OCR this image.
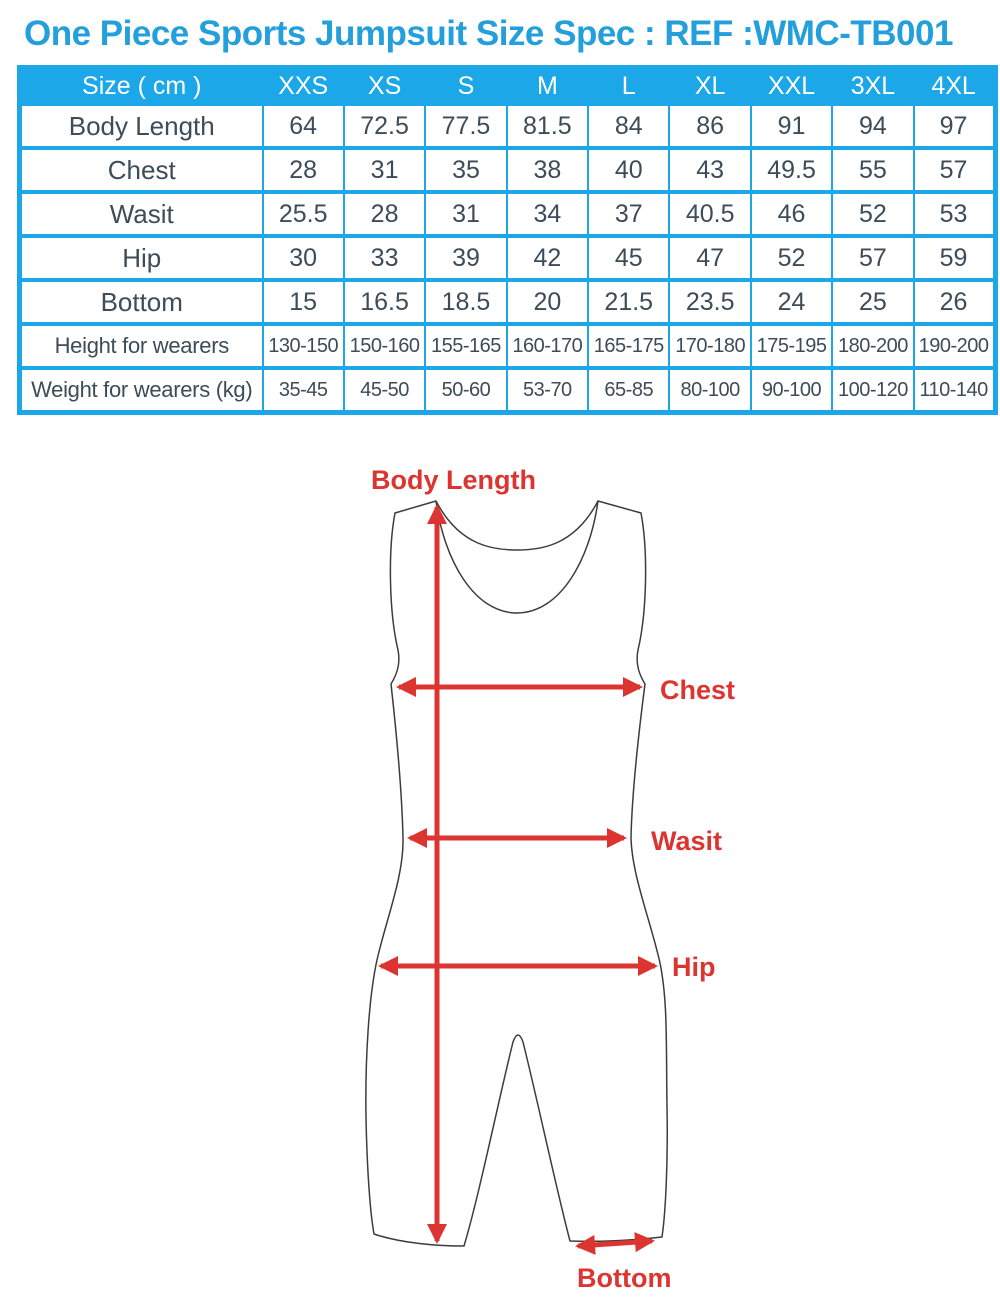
One Piece Sports Jumpsuit Size Spec : REF :WMC-TB001
Size ( cm )	XXS	XS	S	M	L	XL	XXL	3XL	4XL
Body Length	64	72.5	77.5	81.5	84	86	91	94	97
Chest	28	31	35	38	40	43	49.5	55	57
Wasit	25.5	28	31	34	37	40.5	46	52	53
Hip	30	33	39	42	45	47	52	57	59
Bottom	15	16.5	18.5	20	21.5	23.5	24	25	26
Height for wearers	130-150	150-160	155-165	160-170	165-175	170-180	175-195	180-200	190-200
Weight for wearers (kg)	35-45	45-50	50-60	53-70	65-85	80-100	90-100	100-120	110-140
Body Length
Chest
Wasit
Hip
Bottom
